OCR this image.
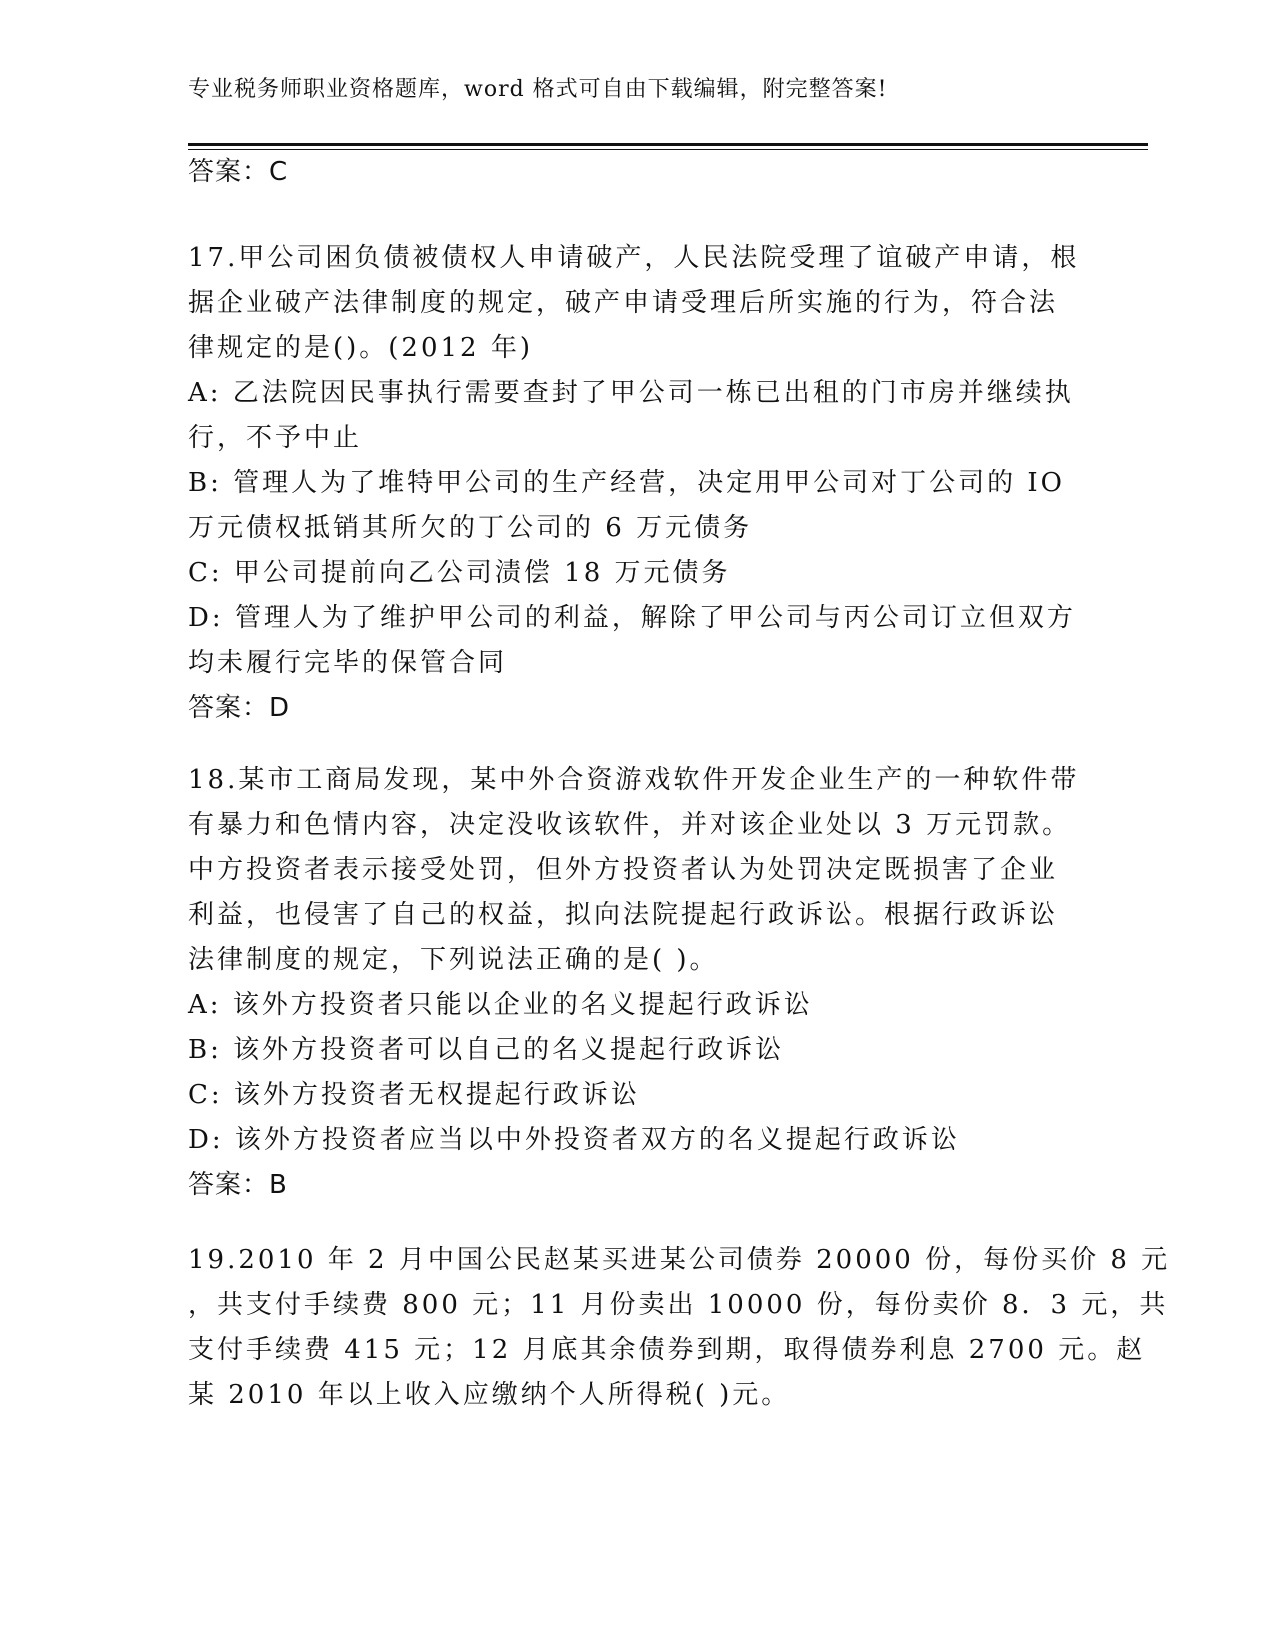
专业税务师职业资格题库，word 格式可自由下载编辑，附完整答案!
答案：C
17.甲公司困负债被债权人申请破产，人民法院受理了谊破产申请，根
据企业破产法律制度的规定，破产申请受理后所实施的行为，符合法
律规定的是()。(2012 年)
A: 乙法院因民事执行需要查封了甲公司一栋已出租的门市房并继续执
行，不予中止
B: 管理人为了堆特甲公司的生产经营，决定用甲公司对丁公司的 IO
万元债权抵销其所欠的丁公司的 6 万元债务
C: 甲公司提前向乙公司渍偿 18 万元债务
D: 管理人为了维护甲公司的利益，解除了甲公司与丙公司订立但双方
均未履行完毕的保管合同
答案：D
18.某市工商局发现，某中外合资游戏软件开发企业生产的一种软件带
有暴力和色情内容，决定没收该软件，并对该企业处以 3 万元罚款。
中方投资者表示接受处罚，但外方投资者认为处罚决定既损害了企业
利益，也侵害了自己的权益，拟向法院提起行政诉讼。根据行政诉讼
法律制度的规定，下列说法正确的是( )。
A: 该外方投资者只能以企业的名义提起行政诉讼
B: 该外方投资者可以自己的名义提起行政诉讼
C: 该外方投资者无权提起行政诉讼
D: 该外方投资者应当以中外投资者双方的名义提起行政诉讼
答案：B
19.2010 年 2 月中国公民赵某买进某公司债券 20000 份，每份买价 8 元
，共支付手续费 800 元；11 月份卖出 10000 份，每份卖价 8．3 元，共
支付手续费 415 元；12 月底其余债券到期，取得债券利息 2700 元。赵
某 2010 年以上收入应缴纳个人所得税( )元。
